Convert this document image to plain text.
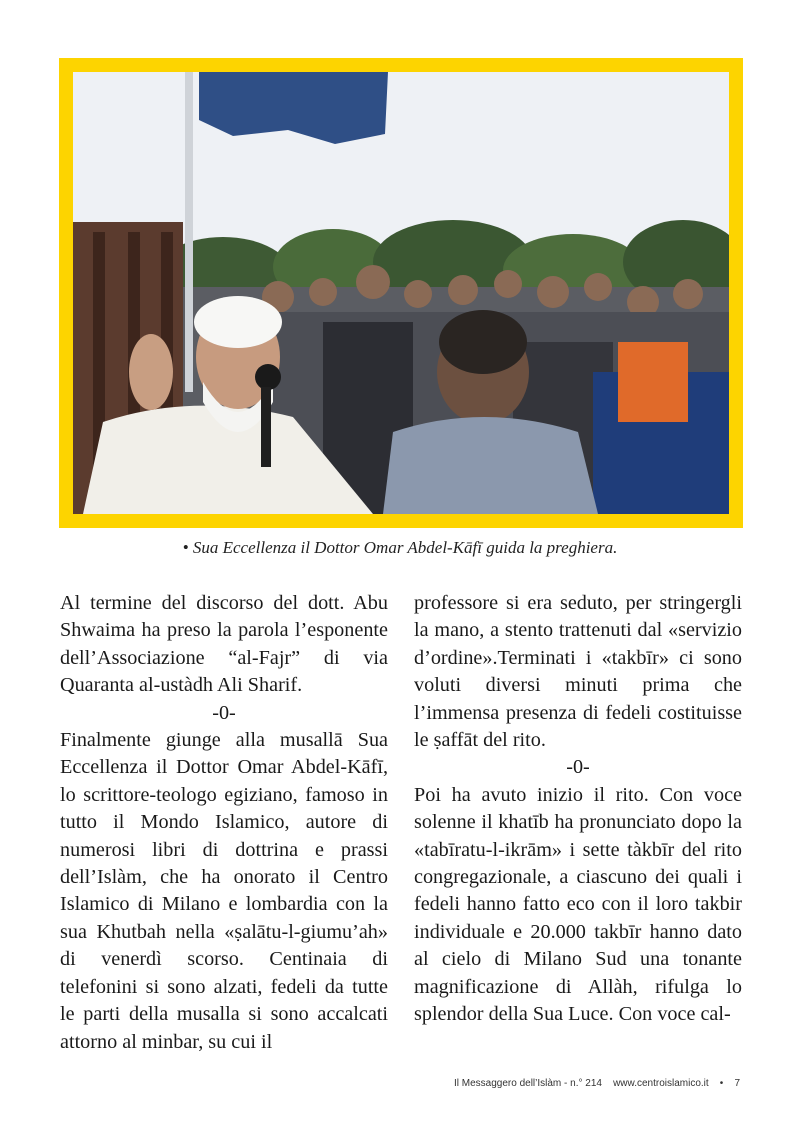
• Sua Eccellenza il Dottor Omar Abdel-Kāfī guida la preghiera.

Al termine del discorso del dott. Abu Shwaima ha preso la parola l’esponente dell’Associazione “al-Fajr” di via Quaranta al-ustàdh Ali Sharif.

-0-

Finalmente giunge alla musallā Sua Eccellenza il Dottor Omar Abdel-Kāfī, lo scrittore-teologo egiziano, famoso in tutto il Mondo Islamico, autore di numerosi libri di dottrina e prassi dell’Islàm, che ha onorato il Centro Islamico di Milano e lombardia con la sua Khutbah nella «ṣalātu-l-giumu’ah» di venerdì scorso. Centinaia di telefonini si sono alzati, fedeli da tutte le parti della musalla si sono accalcati attorno al minbar, su cui il

professore si era seduto, per stringergli la mano, a stento trattenuti dal «servizio d’ordine».Terminati i «takbīr» ci sono voluti diversi minuti prima che l’immensa presenza di fedeli costituisse le ṣaffāt del rito.

-0-

Poi ha avuto inizio il rito. Con voce solenne il khatīb ha pronunciato dopo la «tabīratu-l-ikrām» i sette tàkbīr del rito congregazionale, a ciascuno dei quali i fedeli hanno fatto eco con il loro takbir individuale e 20.000 takbīr hanno dato al cielo di Milano Sud una tonante magnificazione di Allàh, rifulga lo splendor della Sua Luce. Con voce cal-

Il Messaggero dell’Islàm - n.° 214 www.centroislamico.it • 7
